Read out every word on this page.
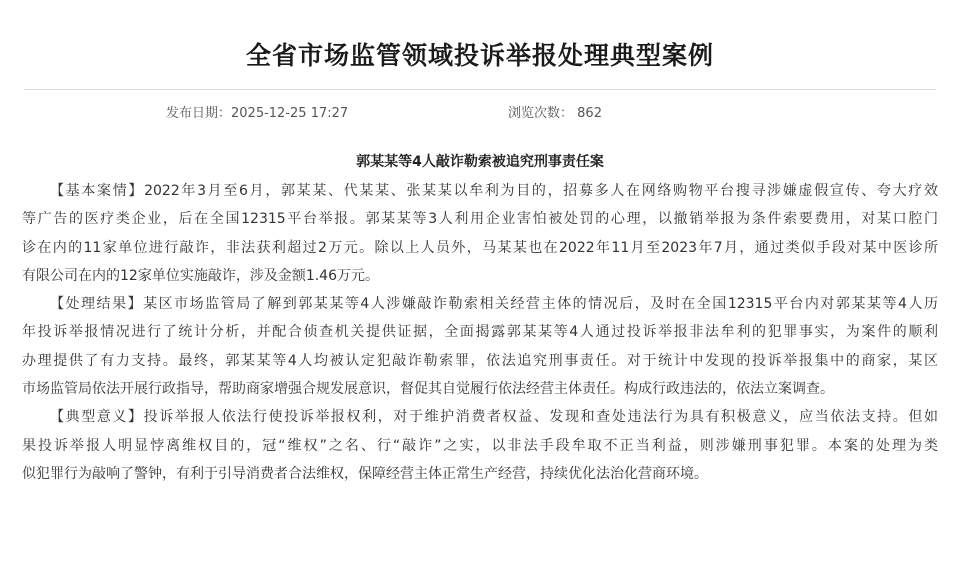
全省市场监管领域投诉举报处理典型案例
发布日期：2025-12-25 17:27	浏览次数： 862
郭某某等4人敲诈勒索被追究刑事责任案
【基本案情】2022年3月至6月，郭某某、代某某、张某某以牟利为目的，招募多人在网络购物平台搜寻涉嫌虚假宣传、夸大疗效
等广告的医疗类企业，后在全国12315平台举报。郭某某等3人利用企业害怕被处罚的心理，以撤销举报为条件索要费用，对某口腔门
诊在内的11家单位进行敲诈，非法获利超过2万元。除以上人员外，马某某也在2022年11月至2023年7月，通过类似手段对某中医诊所
有限公司在内的12家单位实施敲诈，涉及金额1.46万元。
【处理结果】某区市场监管局了解到郭某某等4人涉嫌敲诈勒索相关经营主体的情况后，及时在全国12315平台内对郭某某等4人历
年投诉举报情况进行了统计分析，并配合侦查机关提供证据，全面揭露郭某某等4人通过投诉举报非法牟利的犯罪事实，为案件的顺利
办理提供了有力支持。最终，郭某某等4人均被认定犯敲诈勒索罪，依法追究刑事责任。对于统计中发现的投诉举报集中的商家，某区
市场监管局依法开展行政指导，帮助商家增强合规发展意识，督促其自觉履行依法经营主体责任。构成行政违法的，依法立案调查。
【典型意义】投诉举报人依法行使投诉举报权利，对于维护消费者权益、发现和查处违法行为具有积极意义，应当依法支持。但如
果投诉举报人明显悖离维权目的，冠“维权”之名、行“敲诈”之实，以非法手段牟取不正当利益，则涉嫌刑事犯罪。本案的处理为类
似犯罪行为敲响了警钟，有利于引导消费者合法维权，保障经营主体正常生产经营，持续优化法治化营商环境。
